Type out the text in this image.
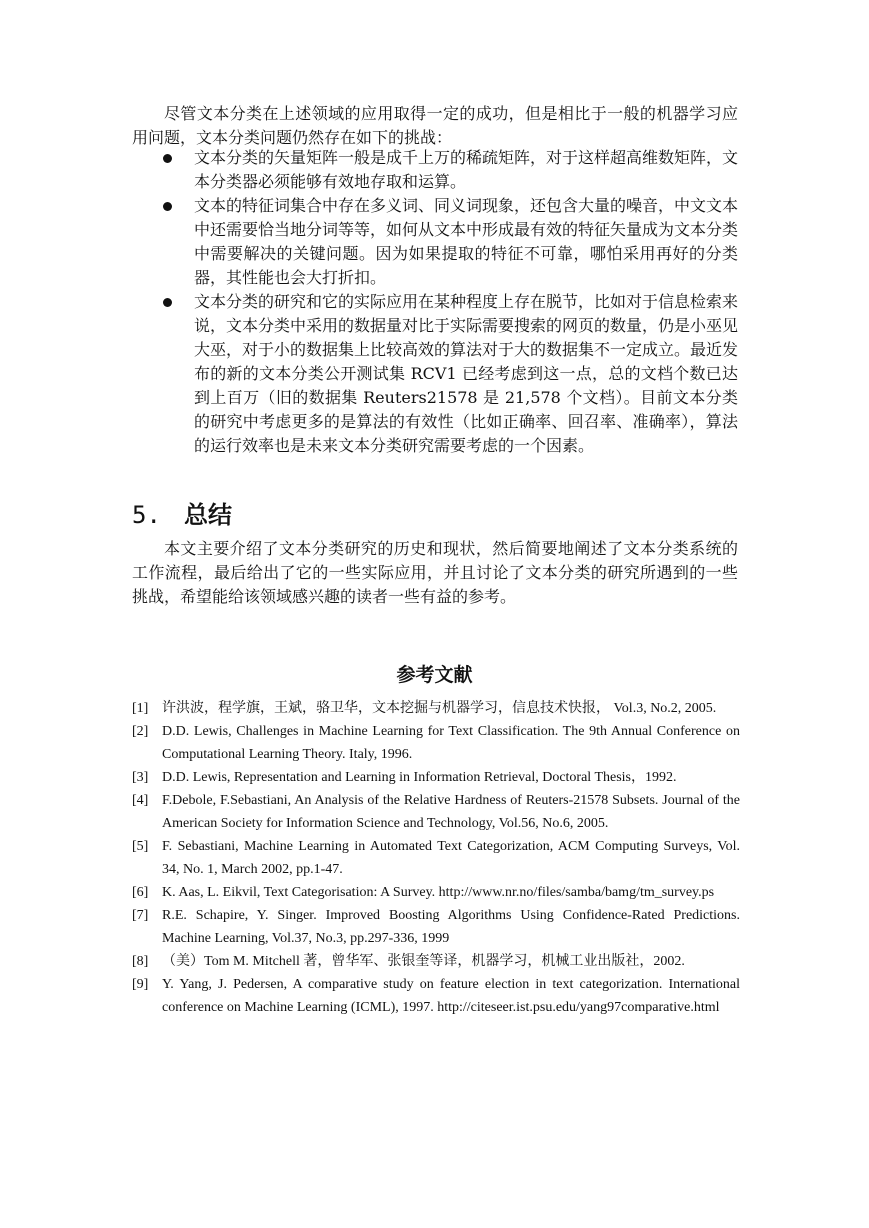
尽管文本分类在上述领域的应用取得一定的成功，但是相比于一般的机器学习应用问题，文本分类问题仍然存在如下的挑战：

文本分类的矢量矩阵一般是成千上万的稀疏矩阵，对于这样超高维数矩阵，文本分类器必须能够有效地存取和运算。
文本的特征词集合中存在多义词、同义词现象，还包含大量的噪音，中文文本中还需要恰当地分词等等，如何从文本中形成最有效的特征矢量成为文本分类中需要解决的关键问题。因为如果提取的特征不可靠，哪怕采用再好的分类器，其性能也会大打折扣。
文本分类的研究和它的实际应用在某种程度上存在脱节，比如对于信息检索来说，文本分类中采用的数据量对比于实际需要搜索的网页的数量，仍是小巫见大巫，对于小的数据集上比较高效的算法对于大的数据集不一定成立。最近发布的新的文本分类公开测试集 RCV1 已经考虑到这一点，总的文档个数已达到上百万（旧的数据集 Reuters21578 是 21,578 个文档）。目前文本分类的研究中考虑更多的是算法的有效性（比如正确率、回召率、准确率），算法的运行效率也是未来文本分类研究需要考虑的一个因素。
5. 总结

本文主要介绍了文本分类研究的历史和现状，然后简要地阐述了文本分类系统的工作流程，最后给出了它的一些实际应用，并且讨论了文本分类的研究所遇到的一些挑战，希望能给该领域感兴趣的读者一些有益的参考。

参考文献
[1] 许洪波，程学旗，王斌，骆卫华，文本挖掘与机器学习，信息技术快报， Vol.3, No.2, 2005.
[2] D.D. Lewis, Challenges in Machine Learning for Text Classification. The 9th Annual Conference on Computational Learning Theory. Italy, 1996.
[3] D.D. Lewis, Representation and Learning in Information Retrieval, Doctoral Thesis，1992.
[4] F.Debole, F.Sebastiani, An Analysis of the Relative Hardness of Reuters-21578 Subsets. Journal of the American Society for Information Science and Technology, Vol.56, No.6, 2005.
[5] F. Sebastiani, Machine Learning in Automated Text Categorization, ACM Computing Surveys, Vol. 34, No. 1, March 2002, pp.1-47.
[6] K. Aas, L. Eikvil, Text Categorisation: A Survey. http://www.nr.no/files/samba/bamg/tm_survey.ps
[7] R.E. Schapire, Y. Singer. Improved Boosting Algorithms Using Confidence-Rated Predictions. Machine Learning, Vol.37, No.3, pp.297-336, 1999
[8] （美）Tom M. Mitchell 著，曾华军、张银奎等译，机器学习，机械工业出版社，2002.
[9] Y. Yang, J. Pedersen, A comparative study on feature election in text categorization. International conference on Machine Learning (ICML), 1997. http://citeseer.ist.psu.edu/yang97comparative.html
